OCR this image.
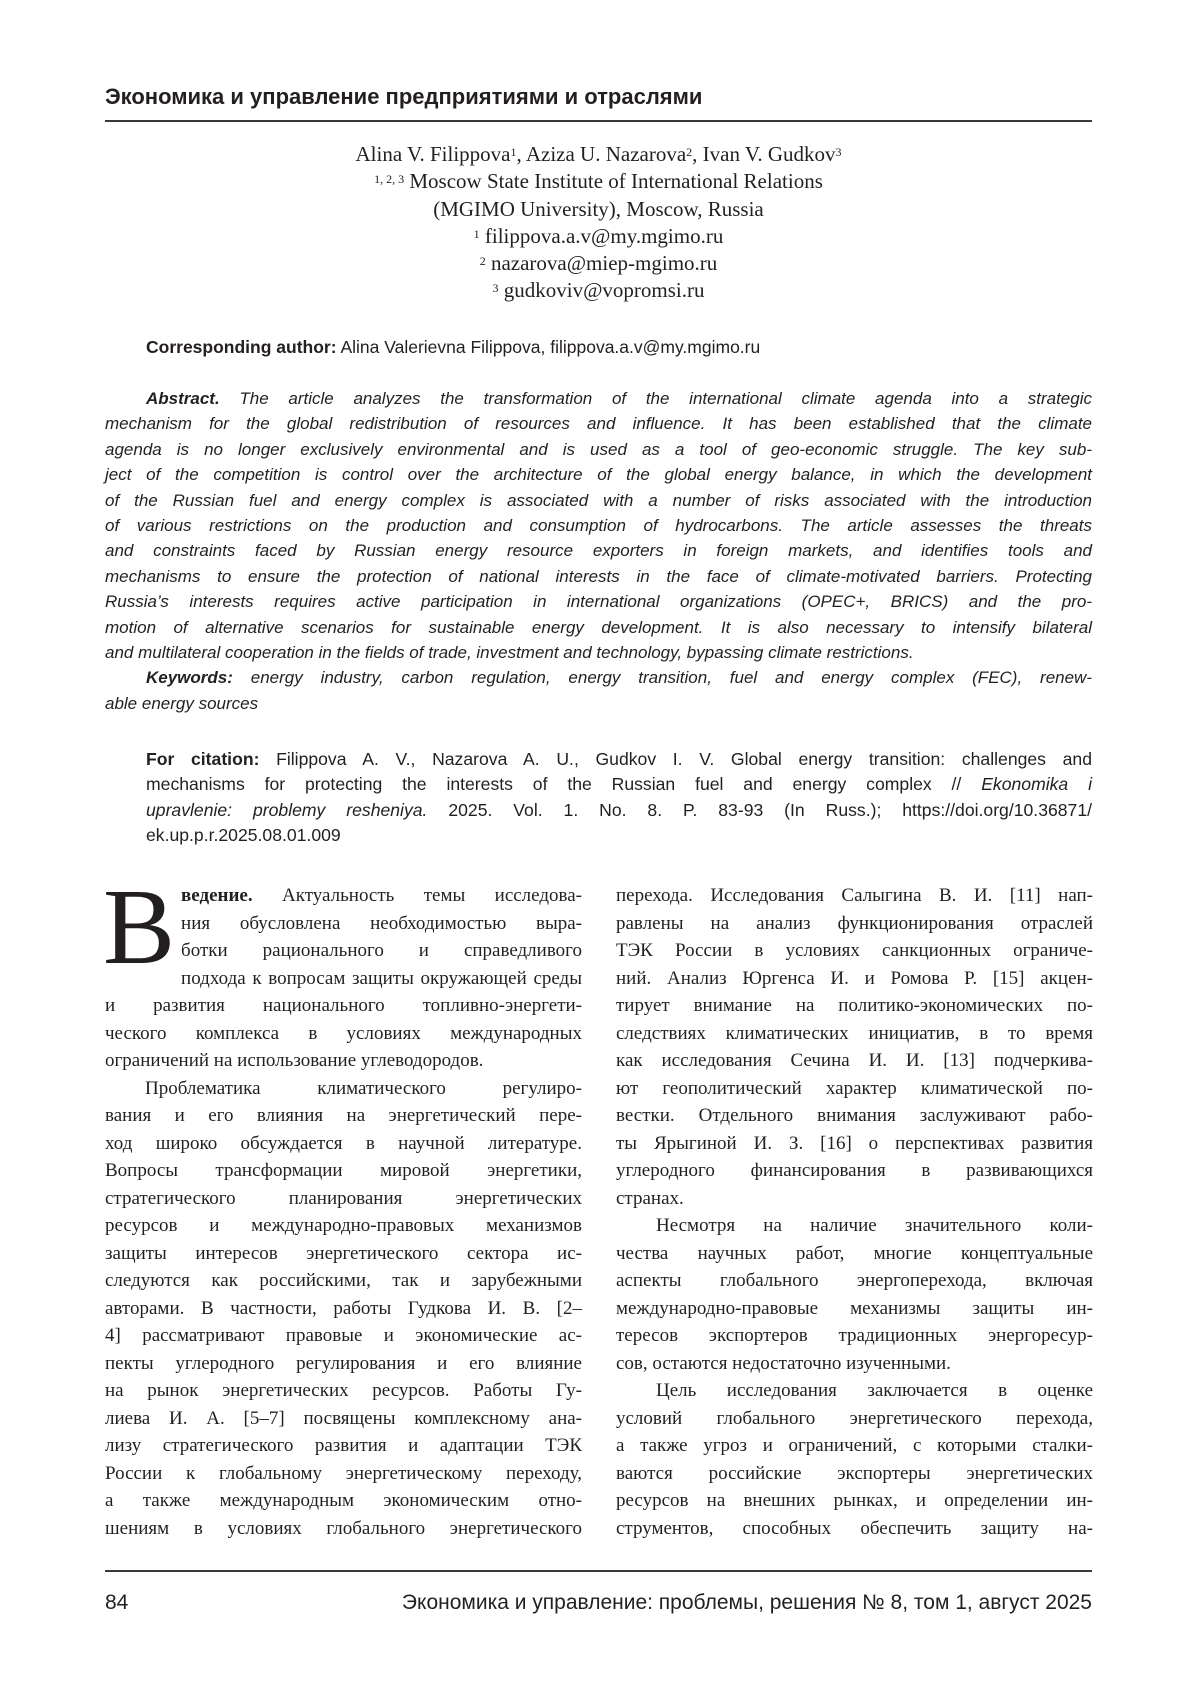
Экономика и управление предприятиями и отраслями
Alina V. Filippova1, Aziza U. Nazarova2, Ivan V. Gudkov3
1, 2, 3 Moscow State Institute of International Relations
(MGIMO University), Moscow, Russia
1 filippova.a.v@my.mgimo.ru
2 nazarova@miep-mgimo.ru
3 gudkoviv@vopromsi.ru
Corresponding author: Alina Valerievna Filippova, filippova.a.v@my.mgimo.ru
Abstract. The article analyzes the transformation of the international climate agenda into a strategic
mechanism for the global redistribution of resources and influence. It has been established that the climate
agenda is no longer exclusively environmental and is used as a tool of geo-economic struggle. The key sub-
ject of the competition is control over the architecture of the global energy balance, in which the development
of the Russian fuel and energy complex is associated with a number of risks associated with the introduction
of various restrictions on the production and consumption of hydrocarbons. The article assesses the threats
and constraints faced by Russian energy resource exporters in foreign markets, and identifies tools and
mechanisms to ensure the protection of national interests in the face of climate-motivated barriers. Protecting
Russia’s interests requires active participation in international organizations (OPEC+, BRICS) and the pro-
motion of alternative scenarios for sustainable energy development. It is also necessary to intensify bilateral
and multilateral cooperation in the fields of trade, investment and technology, bypassing climate restrictions.
Keywords: energy industry, carbon regulation, energy transition, fuel and energy complex (FEC), renew-
able energy sources
For citation: Filippova A. V., Nazarova A. U., Gudkov I. V. Global energy transition: challenges and
mechanisms for protecting the interests of the Russian fuel and energy complex // Ekonomika i
upravlenie: problemy resheniya. 2025. Vol. 1. No. 8. P. 83-93 (In Russ.); https://doi.org/10.36871/
ek.up.p.r.2025.08.01.009
В ведение. Актуальность темы исследова-
ния обусловлена необходимостью выра-
ботки рационального и справедливого
подхода к вопросам защиты окружающей среды
и развития национального топливно-энергети-
ческого комплекса в условиях международных
ограничений на использование углеводородов.
Проблематика климатического регулиро-
вания и его влияния на энергетический пере-
ход широко обсуждается в научной литературе.
Вопросы трансформации мировой энергетики,
стратегического планирования энергетических
ресурсов и международно-правовых механизмов
защиты интересов энергетического сектора ис-
следуются как российскими, так и зарубежными
авторами. В частности, работы Гудкова И. В. [2–
4] рассматривают правовые и экономические ас-
пекты углеродного регулирования и его влияние
на рынок энергетических ресурсов. Работы Гу-
лиева И. А. [5–7] посвящены комплексному ана-
лизу стратегического развития и адаптации ТЭК
России к глобальному энергетическому переходу,
а также международным экономическим отно-
шениям в условиях глобального энергетического
перехода. Исследования Салыгина В. И. [11] нап-
равлены на анализ функционирования отраслей
ТЭК России в условиях санкционных ограниче-
ний. Анализ Юргенса И. и Ромова Р. [15] акцен-
тирует внимание на политико-экономических по-
следствиях климатических инициатив, в то время
как исследования Сечина И. И. [13] подчеркива-
ют геополитический характер климатической по-
вестки. Отдельного внимания заслуживают рабо-
ты Ярыгиной И. З. [16] о перспективах развития
углеродного финансирования в развивающихся
странах.
Несмотря на наличие значительного коли-
чества научных работ, многие концептуальные
аспекты глобального энергоперехода, включая
международно-правовые механизмы защиты ин-
тересов экспортеров традиционных энергоресур-
сов, остаются недостаточно изученными.
Цель исследования заключается в оценке
условий глобального энергетического перехода,
а также угроз и ограничений, с которыми сталки-
ваются российские экспортеры энергетических
ресурсов на внешних рынках, и определении ин-
струментов, способных обеспечить защиту на-
84	Экономика и управление: проблемы, решения № 8, том 1, август 2025
